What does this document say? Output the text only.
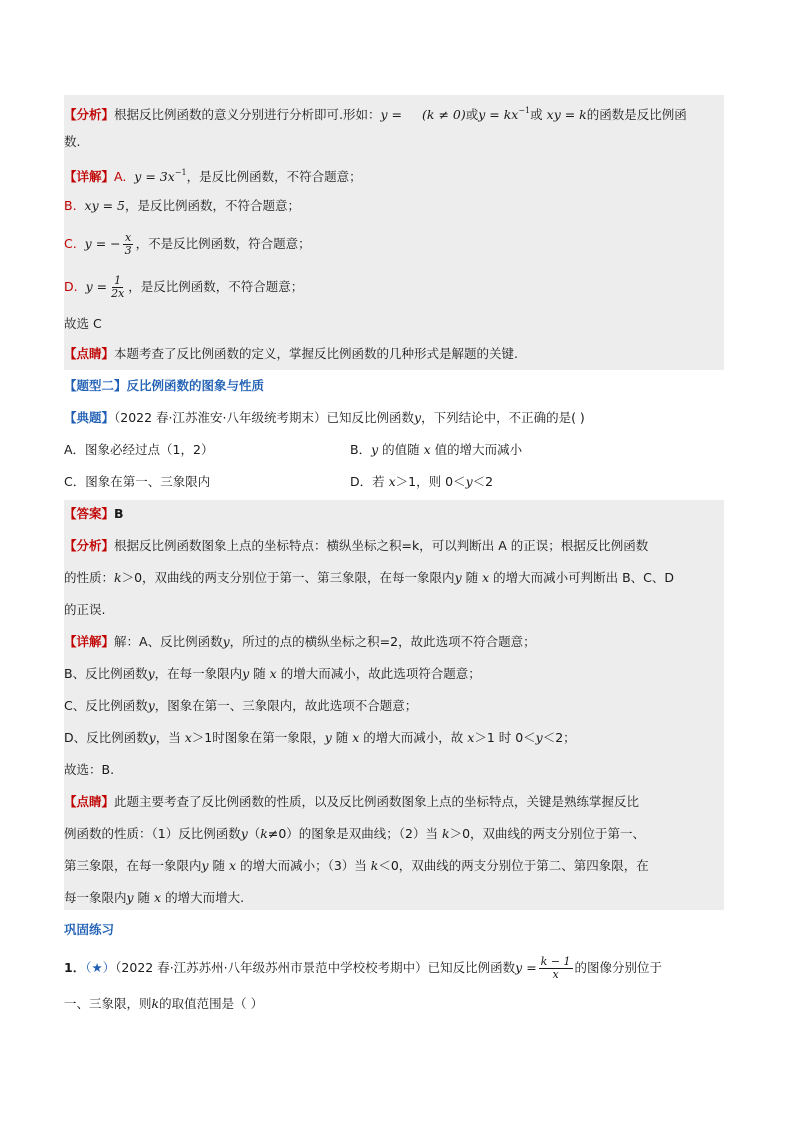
【分析】根据反比例函数的意义分别进行分析即可.形如：y = (k ≠ 0)或$y = kx^{-1}$或 xy = k的函数是反比例函
数.
【详解】A. $y = 3x^{-1}$，是反比例函数，不符合题意；
B. xy = 5，是反比例函数，不符合题意；
C. y = − $\frac{x}{3}$ ，不是反比例函数，符合题意；
D. $y = \frac{1}{2x}$ ，是反比例函数，不符合题意；
故选 C
【点睛】本题考查了反比例函数的定义，掌握反比例函数的几种形式是解题的关键.
【题型二】反比例函数的图象与性质
【典题】（2022 春·江苏淮安·八年级统考期末）已知反比例函数y，下列结论中，不正确的是( )
A．图象必经过点（1，2）	B．y 的值随 x 值的增大而减小
C．图象在第一、三象限内	D．若 x＞1，则 0＜y＜2
【答案】B
【分析】根据反比例函数图象上点的坐标特点：横纵坐标之积=k，可以判断出 A 的正误；根据反比例函数
的性质：k＞0，双曲线的两支分别位于第一、第三象限，在每一象限内y 随 x 的增大而减小可判断出 B、C、D
的正误.
【详解】解：A、反比例函数y，所过的点的横纵坐标之积=2，故此选项不符合题意；
B、反比例函数y，在每一象限内y 随 x 的增大而减小，故此选项符合题意；
C、反比例函数y，图象在第一、三象限内，故此选项不合题意；
D、反比例函数y，当 x＞1时图象在第一象限，y 随 x 的增大而减小，故 x＞1 时 0＜y＜2；
故选：B.
【点睛】此题主要考查了反比例函数的性质，以及反比例函数图象上点的坐标特点，关键是熟练掌握反比
例函数的性质：（1）反比例函数y（k≠0）的图象是双曲线；（2）当 k＞0，双曲线的两支分别位于第一、
第三象限，在每一象限内y 随 x 的增大而减小；（3）当 k＜0，双曲线的两支分别位于第二、第四象限，在
每一象限内y 随 x 的增大而增大.
巩固练习
1．（★）（2022 春·江苏苏州·八年级苏州市景范中学校校考期中）已知反比例函数$y = \frac{k - 1}{x}$ 的图像分别位于
一、三象限，则k的取值范围是（ ）
